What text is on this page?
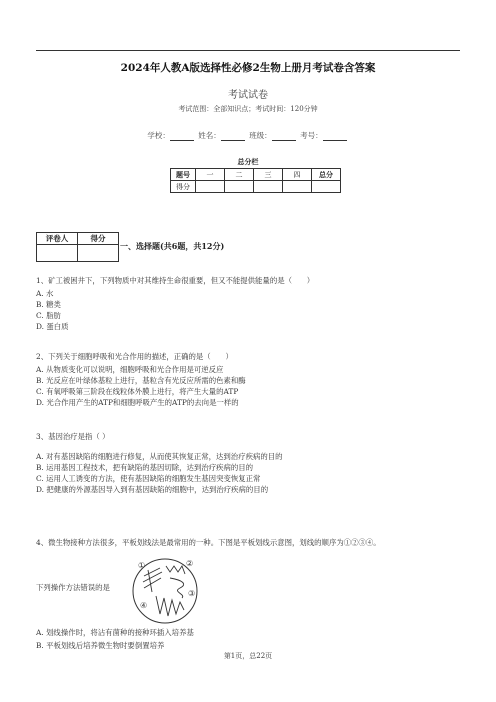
2024年人教A版选择性必修2生物上册月考试卷含答案
考试试卷
考试范围：全部知识点；考试时间：120分钟
学校：	姓名：	班级：	考号：
总分栏
题号	一	二	三	四	总分
得分					
评卷人	得分

一、选择题(共6题，共12分)
1、矿工被困井下，下列物质中对其维持生命很重要，但又不能提供能量的是（　　）
A. 水
B. 糖类
C. 脂肪
D. 蛋白质
2、下列关于细胞呼吸和光合作用的描述，正确的是（　　）
A. 从物质变化可以说明，细胞呼吸和光合作用是可逆反应
B. 光反应在叶绿体基粒上进行，基粒含有光反应所需的色素和酶
C. 有氧呼吸第三阶段在线粒体外膜上进行，将产生大量的ATP
D. 光合作用产生的ATP和细胞呼吸产生的ATP的去向是一样的
3、基因治疗是指（ ）
A. 对有基因缺陷的细胞进行修复，从而使其恢复正常，达到治疗疾病的目的
B. 运用基因工程技术，把有缺陷的基因切除，达到治疗疾病的目的
C. 运用人工诱变的方法，使有基因缺陷的细胞发生基因突变恢复正常
D. 把健康的外源基因导入到有基因缺陷的细胞中，达到治疗疾病的目的
4、微生物接种方法很多，平板划线法是最常用的一种。下图是平板划线示意图，划线的顺序为①②③④。
下列操作方法错误的是
①	②
③
④
A. 划线操作时，将沾有菌种的接种环插入培养基
B. 平板划线后培养微生物时要倒置培养
第1页，总22页
